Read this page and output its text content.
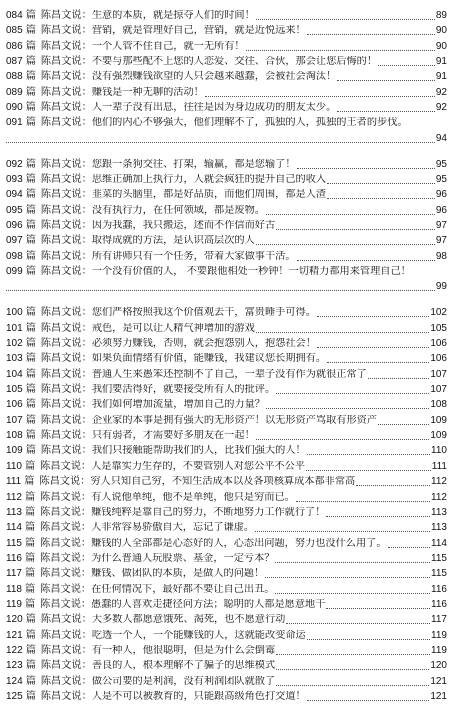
084 篇 陈昌文说： 生意的本质，就是掠夺人们的时间！	89
085 篇 陈昌文说： 营销，就是管理好自己，营销，就是近悦远来！	90
086 篇 陈昌文说： 一个人管不住自己，就一无所有！	90
087 篇 陈昌文说： 不要与那些配不上您的人恋爱、交往、合伙，那会让您后悔的！	91
088 篇 陈昌文说： 没有强烈赚钱欲望的人只会越来越蠢，会被社会淘汰！	91
089 篇 陈昌文说： 赚钱是一种无聊的活动！	92
090 篇 陈昌文说： 人一辈子没有出息，往往是因为身边成功的朋友太少。	92
091 篇 陈昌文说： 他们的内心不够强大，他们理解不了，孤独的人，孤独的王者的步伐。
94
092 篇 陈昌文说： 您跟一条狗交往、打架，输赢，都是您输了！	95
093 篇 陈昌文说： 思维正确加上执行力，人就会疯狂的提升自己的收入	95
094 篇 陈昌文说： 韭菜的头脑里，都是好品质，而他们周围，都是人渣	96
095 篇 陈昌文说： 没有执行力，在任何领域，都是废物。	96
096 篇 陈昌文说： 因为我蠢，我只搬运，述而不作信而好古	97
097 篇 陈昌文说： 取得成就的方法，是认识高层次的人	97
098 篇 陈昌文说： 所有讲师只有一个任务，带着大家做事干活。	98
099 篇 陈昌文说： 一个没有价值的人， 不要跟他相处一秒钟！一切精力都用来管理自己！
99
100 篇 陈昌文说： 您们严格按照我这个价值观去干，富贵睡手可得。	102
101 篇 陈昌文说： 戒色，是可以让人精气神增加的游戏	105
102 篇 陈昌文说： 必须努力赚钱，否则，就会抱怨别人，抱怨社会！	106
103 篇 陈昌文说： 如果负面情绪有价值，能赚钱，我建议您长期拥有。	106
104 篇 陈昌文说： 普通人生来愚笨还控制不了自己，一辈子没有作为就很正常了	107
105 篇 陈昌文说： 我们要活得好，就要接受所有人的批评。	107
106 篇 陈昌文说： 我们如何增加流量，增加自己的力量？	108
107 篇 陈昌文说： 企业家的本事是拥有强大的无形资产！以无形资产骂取有形资产	109
108 篇 陈昌文说： 只有弱者，才需要好多朋友在一起！	109
109 篇 陈昌文说： 我们只接触能帮助我们的人，比我们强大的人！	110
110 篇 陈昌文说： 人是靠实力生存的，不要管别人对您公平不公平	111
111 篇 陈昌文说： 穷人只知自己穷，不知生活成本以及各项核算成本都非常高	112
112 篇 陈昌文说： 有人说他单纯，他不是单纯，他只是穷而已。	112
113 篇 陈昌文说： 赚钱纯粹是靠自己的努力，不断地努力工作就行了！	113
114 篇 陈昌文说： 人非常容易骄傲自大，忘记了谦虚。	113
115 篇 陈昌文说： 赚钱的人全部都是心态好的人，心态出问题，努力也没什么用了。	114
116 篇 陈昌文说： 为什么普通人玩股票、基金，一定亏本？	115
117 篇 陈昌文说： 赚钱、做团队的本质，是做人的问题！	115
118 篇 陈昌文说： 在任何情况下，最好都不要让自己出丑。	116
119 篇 陈昌文说： 愚蠢的人喜欢走捷径问方法；聪明的人都是愿意地干	116
120 篇 陈昌文说： 大多数人都愿意饿死、渴死，也不愿意行动	117
121 篇 陈昌文说： 吃透一个人，一个能赚钱的人，这就能改变命运	119
122 篇 陈昌文说： 有一种人，他很聪明，但是为什么会倒霉	119
123 篇 陈昌文说： 善良的人，根本理解不了骗子的思维模式	120
124 篇 陈昌文说： 做公司要的是利润，没有利润团队就散了	121
125 篇 陈昌文说： 人是不可以被教育的，只能跟高级角色打交道！	121
